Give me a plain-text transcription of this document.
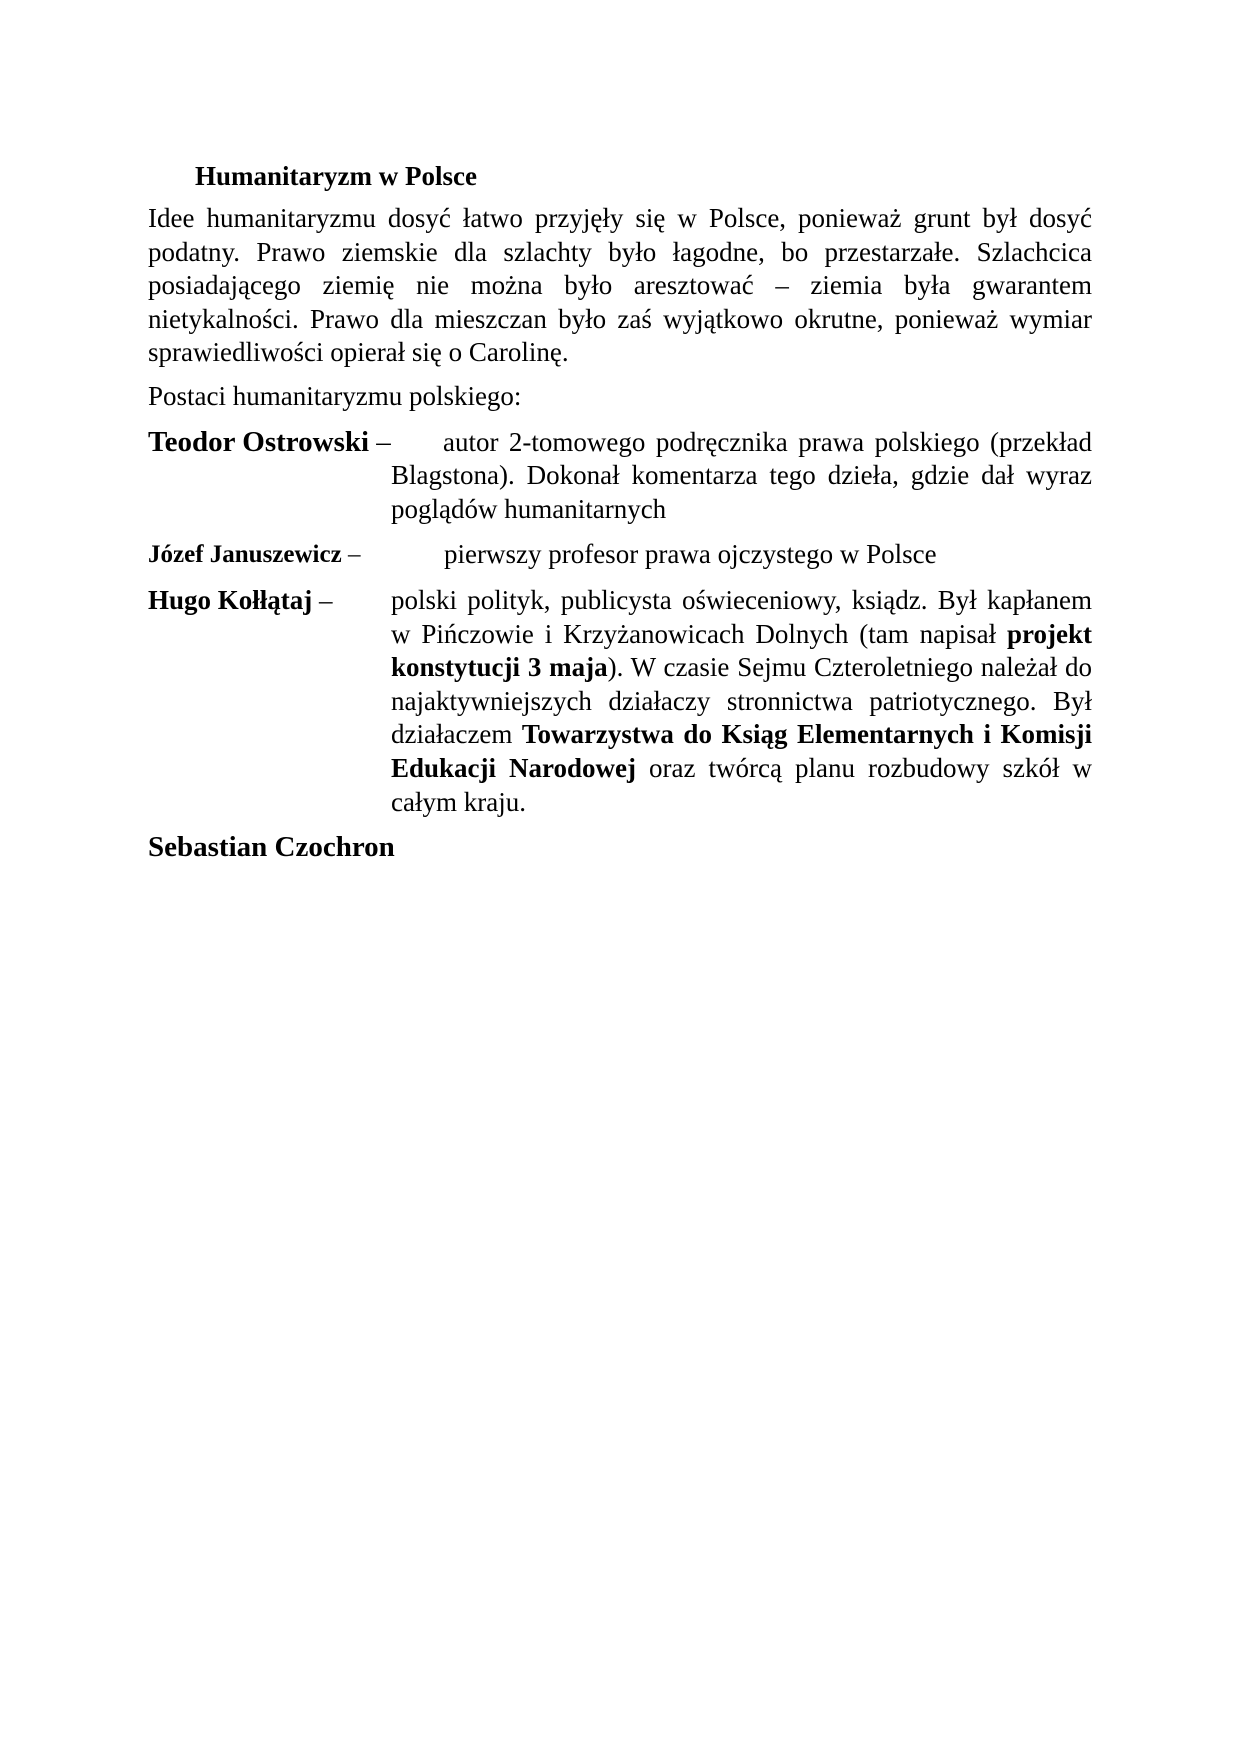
Humanitaryzm w Polsce

Idee humanitaryzmu dosyć łatwo przyjęły się w Polsce, ponieważ grunt był dosyć podatny. Prawo ziemskie dla szlachty było łagodne, bo przestarzałe. Szlachcica posiadającego ziemię nie można było aresztować – ziemia była gwarantem nietykalności. Prawo dla mieszczan było zaś wyjątkowo okrutne, ponieważ wymiar sprawiedliwości opierał się o Carolinę.

Postaci humanitaryzmu polskiego:
Teodor Ostrowski –	autor 2-tomowego podręcznika prawa polskiego (przekład Blagstona). Dokonał komentarza tego dzieła, gdzie dał wyraz poglądów humanitarnych
Józef Januszewicz –	pierwszy profesor prawa ojczystego w Polsce
Hugo Kołłątaj –	polski polityk, publicysta oświeceniowy, ksiądz. Był kapłanem w Pińczowie i Krzyżanowicach Dolnych (tam napisał projekt konstytucji 3 maja). W czasie Sejmu Czteroletniego należał do najaktywniejszych działaczy stronnictwa patriotycznego. Był działaczem Towarzystwa do Ksiąg Elementarnych i Komisji Edukacji Narodowej oraz twórcą planu rozbudowy szkół w całym kraju.
Sebastian Czochron
